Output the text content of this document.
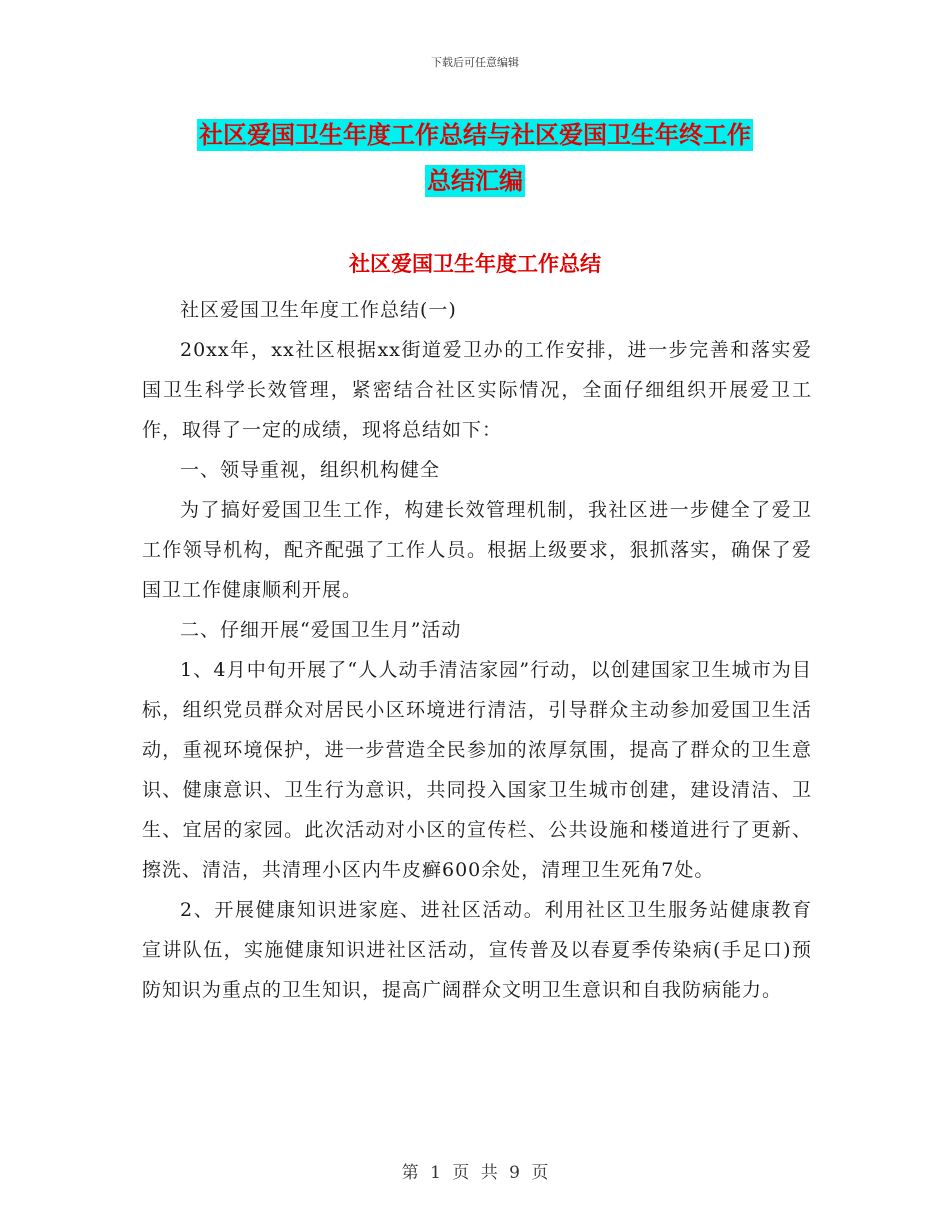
下载后可任意编辑
社区爱国卫生年度工作总结与社区爱国卫生年终工作
总结汇编
社区爱国卫生年度工作总结

社区爱国卫生年度工作总结(一)

20xx年，xx社区根据xx街道爱卫办的工作安排，进一步完善和落实爱国卫生科学长效管理，紧密结合社区实际情况，全面仔细组织开展爱卫工作，取得了一定的成绩，现将总结如下：

一、领导重视，组织机构健全

为了搞好爱国卫生工作，构建长效管理机制，我社区进一步健全了爱卫工作领导机构，配齐配强了工作人员。根据上级要求，狠抓落实，确保了爱国卫工作健康顺利开展。

二、仔细开展“爱国卫生月”活动

1、4月中旬开展了“人人动手清洁家园”行动，以创建国家卫生城市为目标，组织党员群众对居民小区环境进行清洁，引导群众主动参加爱国卫生活动，重视环境保护，进一步营造全民参加的浓厚氛围，提高了群众的卫生意识、健康意识、卫生行为意识，共同投入国家卫生城市创建，建设清洁、卫生、宜居的家园。此次活动对小区的宣传栏、公共设施和楼道进行了更新、擦洗、清洁，共清理小区内牛皮癣600余处，清理卫生死角7处。

2、开展健康知识进家庭、进社区活动。利用社区卫生服务站健康教育宣讲队伍，实施健康知识进社区活动，宣传普及以春夏季传染病(手足口)预防知识为重点的卫生知识，提高广阔群众文明卫生意识和自我防病能力。

第 1 页 共 9 页
